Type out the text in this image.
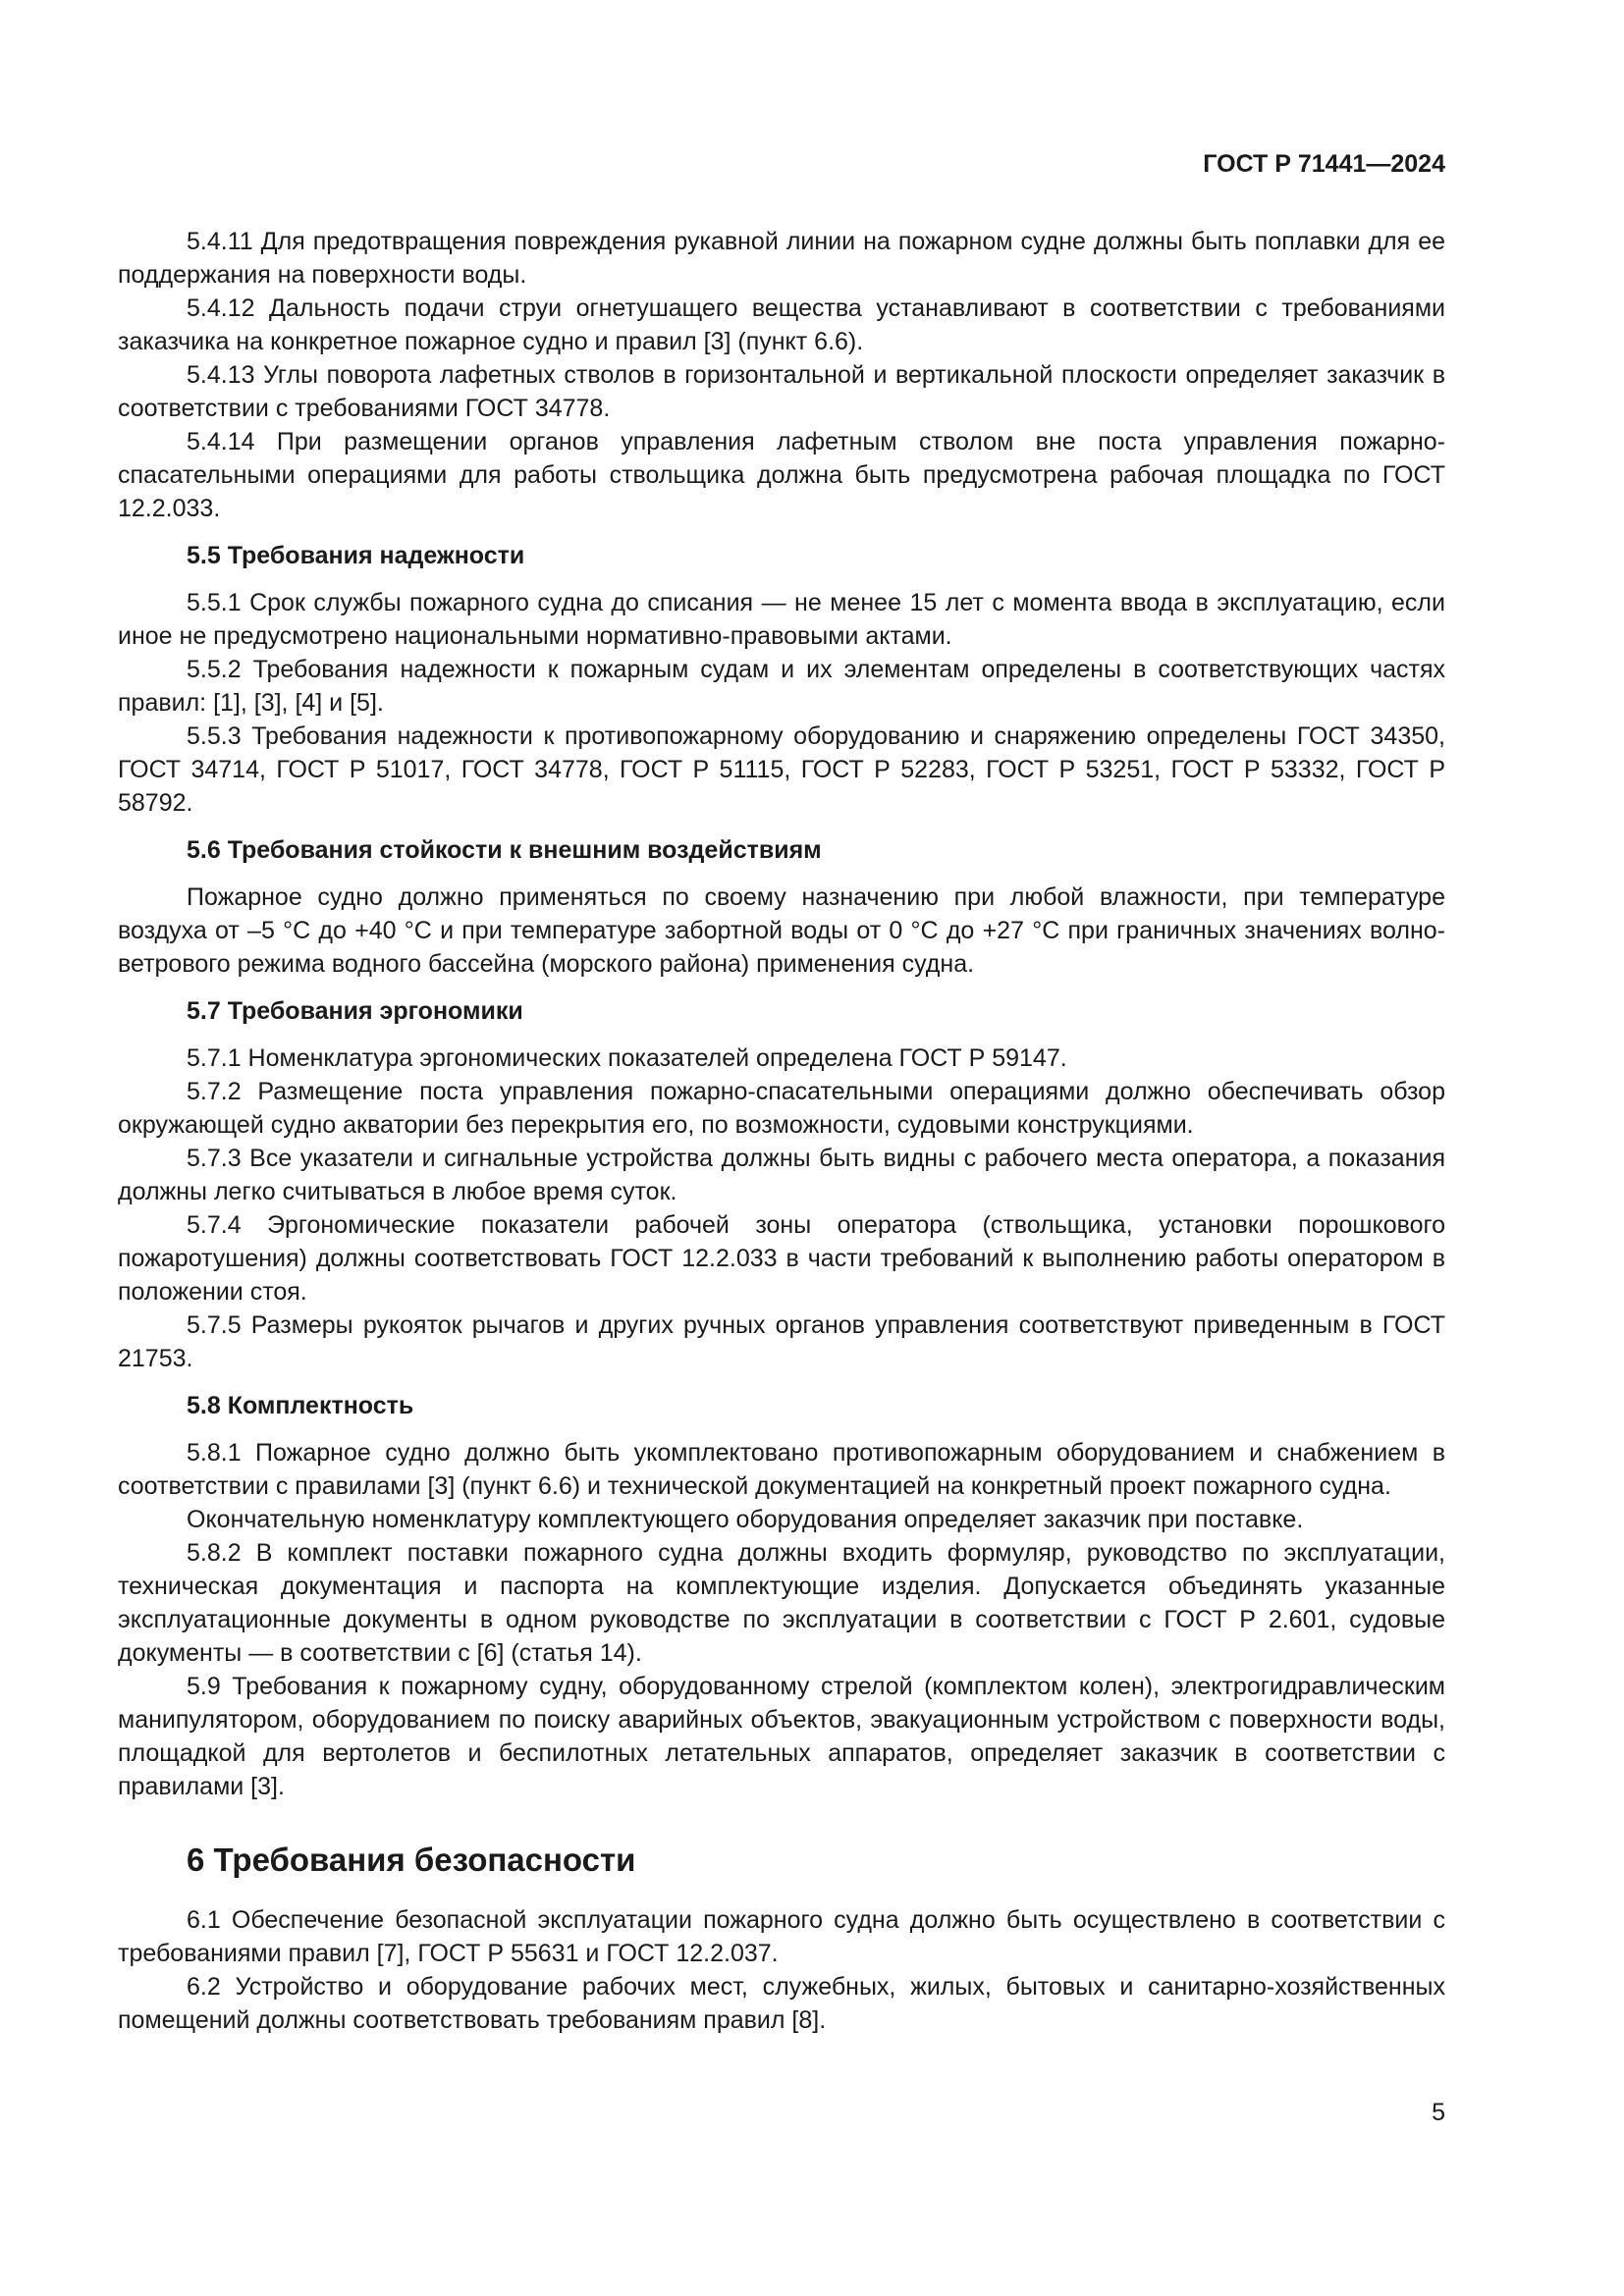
ГОСТ Р 71441—2024

5.4.11 Для предотвращения повреждения рукавной линии на пожарном судне должны быть поплавки для ее поддержания на поверхности воды.

5.4.12 Дальность подачи струи огнетушащего вещества устанавливают в соответствии с требованиями заказчика на конкретное пожарное судно и правил [3] (пункт 6.6).

5.4.13 Углы поворота лафетных стволов в горизонтальной и вертикальной плоскости определяет заказчик в соответствии с требованиями ГОСТ 34778.

5.4.14 При размещении органов управления лафетным стволом вне поста управления пожарно-спасательными операциями для работы ствольщика должна быть предусмотрена рабочая площадка по ГОСТ 12.2.033.

5.5 Требования надежности

5.5.1 Срок службы пожарного судна до списания — не менее 15 лет с момента ввода в эксплуатацию, если иное не предусмотрено национальными нормативно-правовыми актами.

5.5.2 Требования надежности к пожарным судам и их элементам определены в соответствующих частях правил: [1], [3], [4] и [5].

5.5.3 Требования надежности к противопожарному оборудованию и снаряжению определены ГОСТ 34350, ГОСТ 34714, ГОСТ Р 51017, ГОСТ 34778, ГОСТ Р 51115, ГОСТ Р 52283, ГОСТ Р 53251, ГОСТ Р 53332, ГОСТ Р 58792.

5.6 Требования стойкости к внешним воздействиям

Пожарное судно должно применяться по своему назначению при любой влажности, при температуре воздуха от –5 °С до +40 °С и при температуре забортной воды от 0 °С до +27 °С при граничных значениях волно-ветрового режима водного бассейна (морского района) применения судна.

5.7 Требования эргономики

5.7.1 Номенклатура эргономических показателей определена ГОСТ Р 59147.

5.7.2 Размещение поста управления пожарно-спасательными операциями должно обеспечивать обзор окружающей судно акватории без перекрытия его, по возможности, судовыми конструкциями.

5.7.3 Все указатели и сигнальные устройства должны быть видны с рабочего места оператора, а показания должны легко считываться в любое время суток.

5.7.4 Эргономические показатели рабочей зоны оператора (ствольщика, установки порошкового пожаротушения) должны соответствовать ГОСТ 12.2.033 в части требований к выполнению работы оператором в положении стоя.

5.7.5 Размеры рукояток рычагов и других ручных органов управления соответствуют приведенным в ГОСТ 21753.

5.8 Комплектность

5.8.1 Пожарное судно должно быть укомплектовано противопожарным оборудованием и снабжением в соответствии с правилами [3] (пункт 6.6) и технической документацией на конкретный проект пожарного судна.

Окончательную номенклатуру комплектующего оборудования определяет заказчик при поставке.

5.8.2 В комплект поставки пожарного судна должны входить формуляр, руководство по эксплуатации, техническая документация и паспорта на комплектующие изделия. Допускается объединять указанные эксплуатационные документы в одном руководстве по эксплуатации в соответствии с ГОСТ Р 2.601, судовые документы — в соответствии с [6] (статья 14).

5.9 Требования к пожарному судну, оборудованному стрелой (комплектом колен), электрогидравлическим манипулятором, оборудованием по поиску аварийных объектов, эвакуационным устройством с поверхности воды, площадкой для вертолетов и беспилотных летательных аппаратов, определяет заказчик в соответствии с правилами [3].

6 Требования безопасности

6.1 Обеспечение безопасной эксплуатации пожарного судна должно быть осуществлено в соответствии с требованиями правил [7], ГОСТ Р 55631 и ГОСТ 12.2.037.

6.2 Устройство и оборудование рабочих мест, служебных, жилых, бытовых и санитарно-хозяйственных помещений должны соответствовать требованиям правил [8].

5
